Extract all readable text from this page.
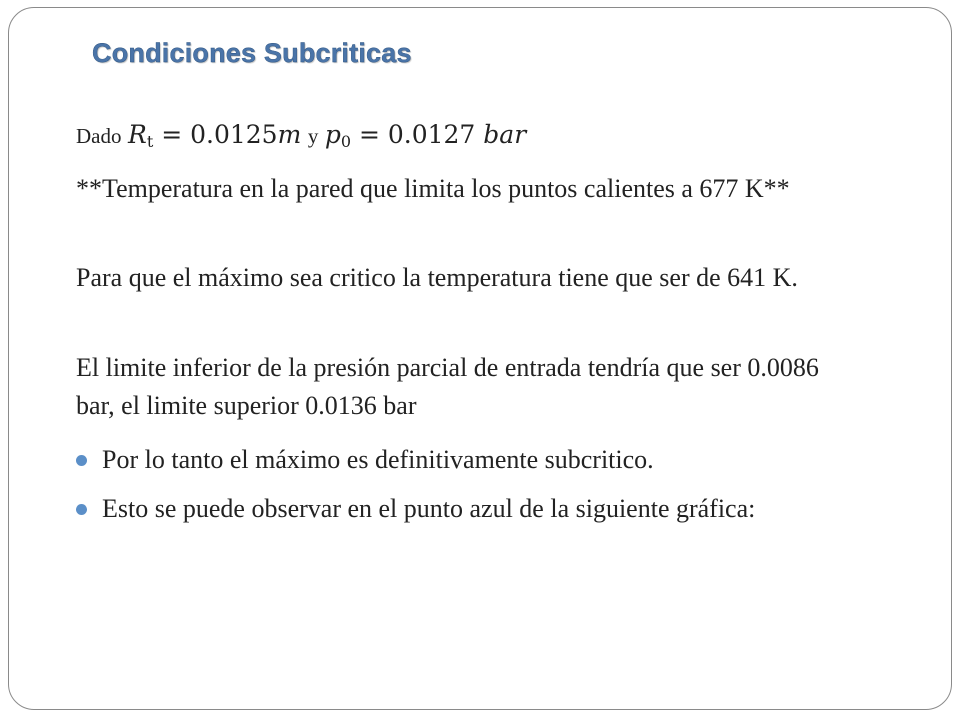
Condiciones Subcriticas
Dado $R_t = 0.0125m$ y $p_0 = 0.0127$ bar
**Temperatura en la pared que limita los puntos calientes a 677 K**
Para que el máximo sea critico la temperatura tiene que ser de 641 K.
El limite inferior de la presión parcial de entrada tendría que ser 0.0086 bar, el limite superior 0.0136 bar
Por lo tanto el máximo es definitivamente subcritico.
Esto se puede observar en el punto azul de la siguiente gráfica:
